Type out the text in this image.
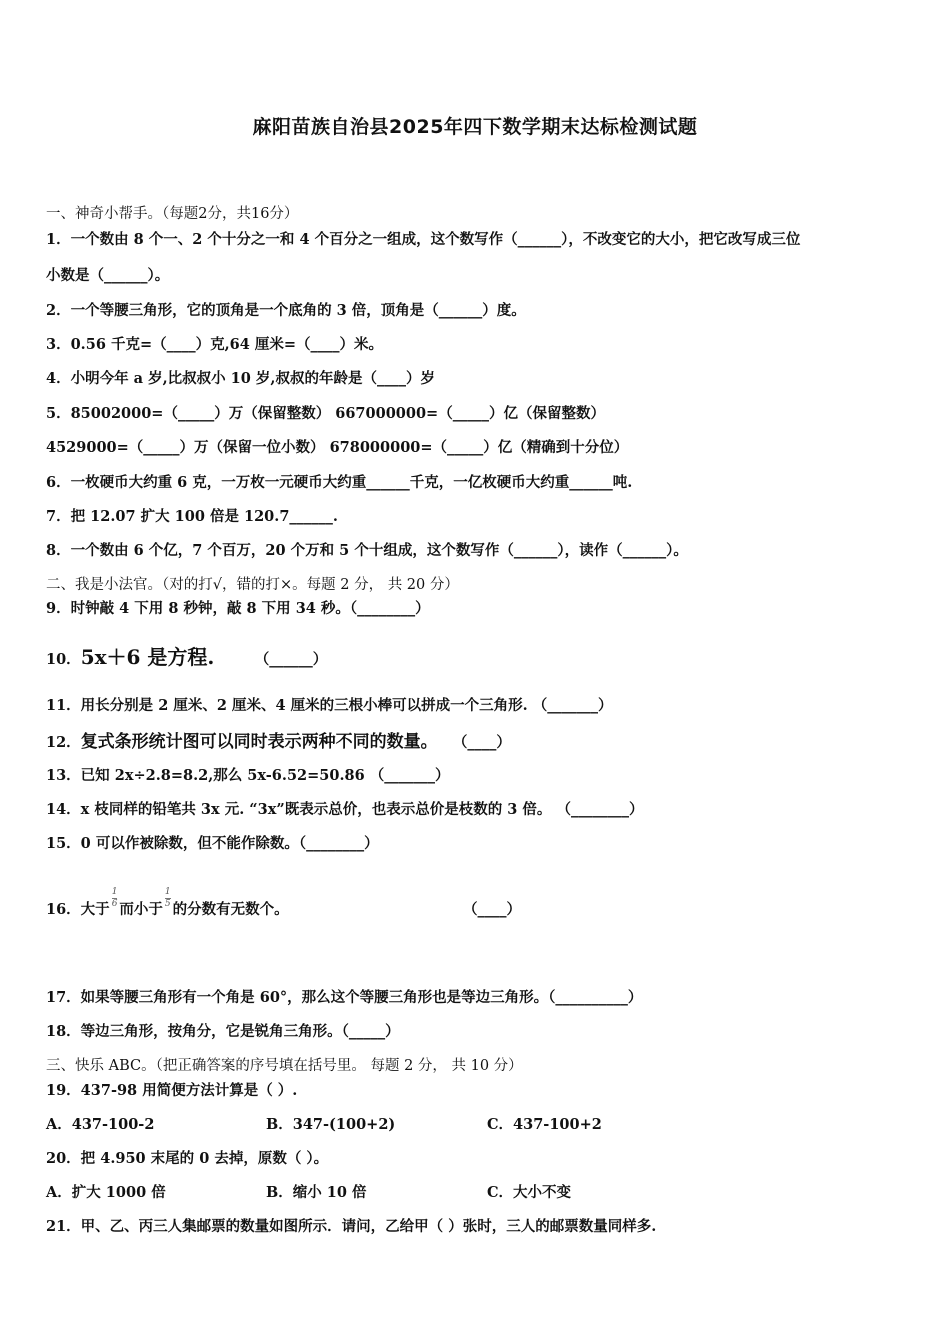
麻阳苗族自治县2025年四下数学期末达标检测试题
一、神奇小帮手。（每题2分，共16分）
1．一个数由 8 个一、2 个十分之一和 4 个百分之一组成，这个数写作（______），不改变它的大小，把它改写成三位
小数是（______）。
2．一个等腰三角形，它的顶角是一个底角的 3 倍，顶角是（______）度。
3．0.56 千克=（____）克,64 厘米=（____）米。
4．小明今年 a 岁,比叔叔小 10 岁,叔叔的年龄是（____）岁
5．85002000=（_____）万（保留整数） 667000000=（_____）亿（保留整数）
4529000=（_____）万（保留一位小数） 678000000=（_____）亿（精确到十分位）
6．一枚硬币大约重 6 克，一万枚一元硬币大约重______千克，一亿枚硬币大约重______吨.
7．把 12.07 扩大 100 倍是 120.7______.
8．一个数由 6 个亿，7 个百万，20 个万和 5 个十组成，这个数写作（______），读作（______）。
二、我是小法官。（对的打√，错的打×。每题 2 分， 共 20 分）
9．时钟敲 4 下用 8 秒钟，敲 8 下用 34 秒。（________）
10．5x＋6 是方程.	（______）
11．用长分别是 2 厘米、2 厘米、4 厘米的三根小棒可以拼成一个三角形. （_______）
12．复式条形统计图可以同时表示两种不同的数量。 （____）
13．已知 2x÷2.8=8.2,那么 5x-6.52=50.86 （_______）
14．x 枝同样的铅笔共 3x 元. “3x”既表示总价，也表示总价是枝数的 3 倍。 （________）
15．0 可以作被除数，但不能作除数。（________）
16．大于 $\frac{1}{6}$ 而小于 $\frac{1}{5}$ 的分数有无数个。	（____）
17．如果等腰三角形有一个角是 60°，那么这个等腰三角形也是等边三角形。（__________）
18．等边三角形，按角分，它是锐角三角形。（_____）
三、快乐 ABC。（把正确答案的序号填在括号里。 每题 2 分， 共 10 分）
19．437-98 用简便方法计算是（ ）.
A．437-100-2	B．347-(100+2)	C．437-100+2
20．把 4.950 末尾的 0 去掉，原数（ ）。
A．扩大 1000 倍	B．缩小 10 倍	C．大小不变
21．甲、乙、丙三人集邮票的数量如图所示．请问，乙给甲（ ）张时，三人的邮票数量同样多.
